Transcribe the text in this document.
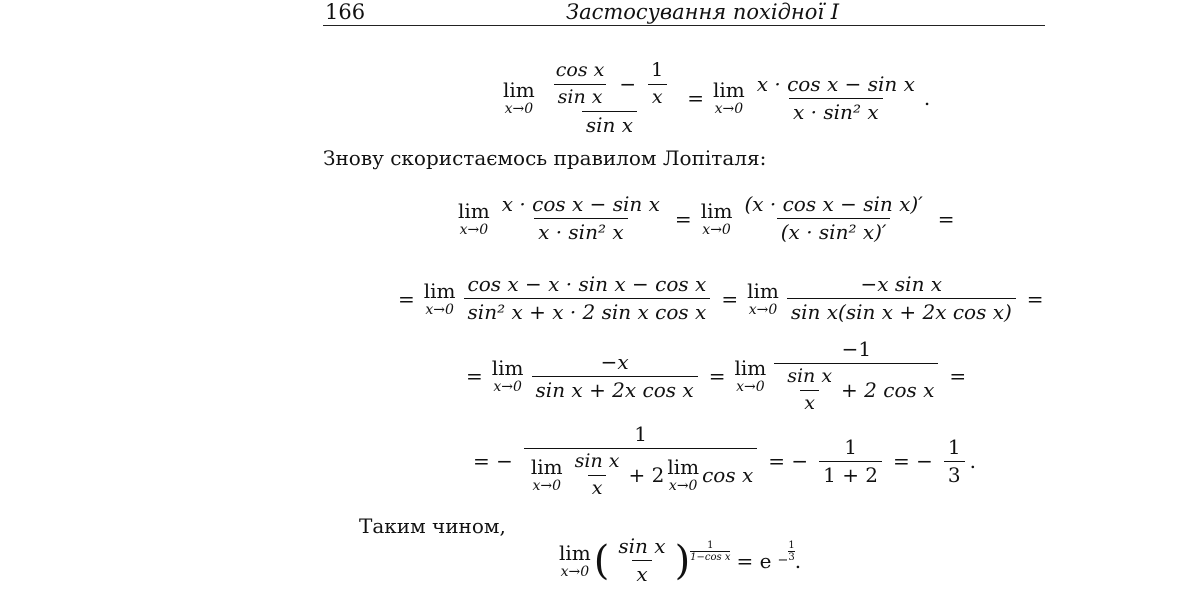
166	Застосування похідної I
lim
$x\to 0 \frac{\frac{\text{cos x}}{\text{sin x}} - \frac{1}{x}}{\text{sin x}} = \lim$
$x\to 0 \frac{\text{x · cos x − sin x}}{\text{x · sin² x}}$ .
Знову скористаємось правилом Лопіталя:
lim
$x\to 0 \frac{\text{x · cos x − sin x}}{\text{x · sin² x}} = \lim$
$x\to 0 \frac{\text{(x · cos x − sin x)′}}{\text{(x · sin² x)′}}$ =
= lim
$x\to 0 \frac{\text{cos x − x · sin x − cos x}}{\text{sin² x + x · 2 sin x cos x}} = \lim$
$x\to 0 \frac{\text{−x sin x}}{\text{sin x(sin x + 2x cos x)}}$ =
= lim
$x\to 0 \frac{-x}{\text{sin x + 2x cos x}} = \lim$
$x\to 0 \frac{-1}{\frac{\text{sin x}}{x} + 2 \cos x}$ =
= −
1
lim
$x\to 0 \frac{\text{sin x}}{x} + 2$ lim
x→0 cos x
= − $\frac{1}{1 + 2}$ = − $\frac{1}{3}$ .
Таким чином,
lim
x→0 ( $\frac{\text{sin x}}{x}$ ) $\frac{1}{\text{1−cos x}} = e - \frac{1}{3}$ .
